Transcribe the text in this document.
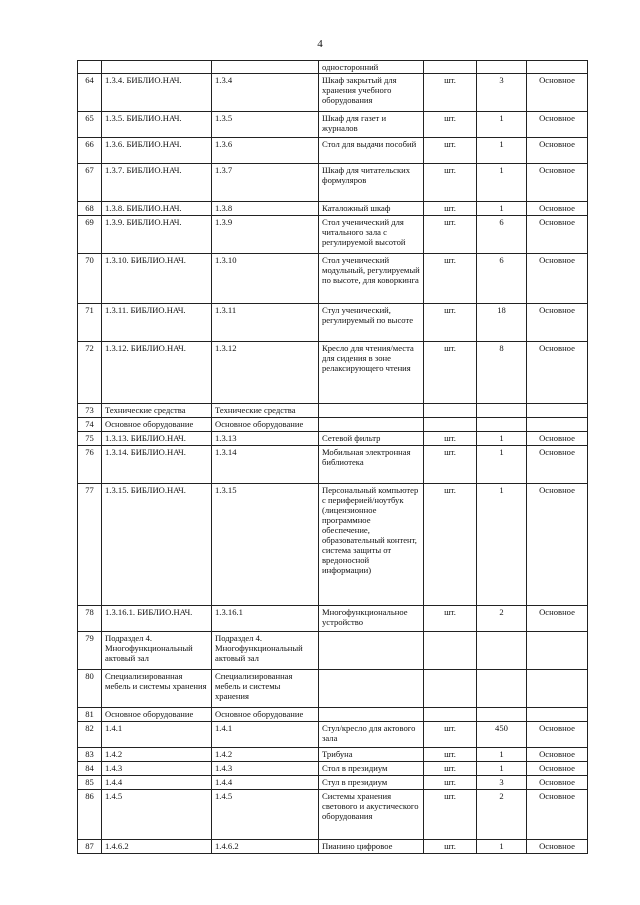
4
			односторонний			
64	1.3.4. БИБЛИО.НАЧ.	1.3.4	Шкаф закрытый для хранения учебного оборудования	шт.	3	Основное
65	1.3.5. БИБЛИО.НАЧ.	1.3.5	Шкаф для газет и журналов	шт.	1	Основное
66	1.3.6. БИБЛИО.НАЧ.	1.3.6	Стол для выдачи пособий	шт.	1	Основное
67	1.3.7. БИБЛИО.НАЧ.	1.3.7	Шкаф для читательских формуляров	шт.	1	Основное
68	1.3.8. БИБЛИО.НАЧ.	1.3.8	Каталожный шкаф	шт.	1	Основное
69	1.3.9. БИБЛИО.НАЧ.	1.3.9	Стол ученический для читального зала с регулируемой высотой	шт.	6	Основное
70	1.3.10. БИБЛИО.НАЧ.	1.3.10	Стол ученический модульный, регулируемый по высоте, для коворкинга	шт.	6	Основное
71	1.3.11. БИБЛИО.НАЧ.	1.3.11	Стул ученический, регулируемый по высоте	шт.	18	Основное
72	1.3.12. БИБЛИО.НАЧ.	1.3.12	Кресло для чтения/места для сидения в зоне релаксирующего чтения	шт.	8	Основное
73	Технические средства	Технические средства				
74	Основное оборудование	Основное оборудование				
75	1.3.13. БИБЛИО.НАЧ.	1.3.13	Сетевой фильтр	шт.	1	Основное
76	1.3.14. БИБЛИО.НАЧ.	1.3.14	Мобильная электронная библиотека	шт.	1	Основное
77	1.3.15. БИБЛИО.НАЧ.	1.3.15	Персональный компьютер с периферией/ноутбук (лицензионное программное обеспечение, образовательный контент, система защиты от вредоносной информации)	шт.	1	Основное
78	1.3.16.1. БИБЛИО.НАЧ.	1.3.16.1	Многофункциональное устройство	шт.	2	Основное
79	Подраздел 4. Многофункциональный актовый зал	Подраздел 4. Многофункциональный актовый зал				
80	Специализированная мебель и системы хранения	Специализированная мебель и системы хранения				
81	Основное оборудование	Основное оборудование				
82	1.4.1	1.4.1	Стул/кресло для актового зала	шт.	450	Основное
83	1.4.2	1.4.2	Трибуна	шт.	1	Основное
84	1.4.3	1.4.3	Стол в президиум	шт.	1	Основное
85	1.4.4	1.4.4	Стул в президиум	шт.	3	Основное
86	1.4.5	1.4.5	Системы хранения светового и акустического оборудования	шт.	2	Основное
87	1.4.6.2	1.4.6.2	Пианино цифровое	шт.	1	Основное
